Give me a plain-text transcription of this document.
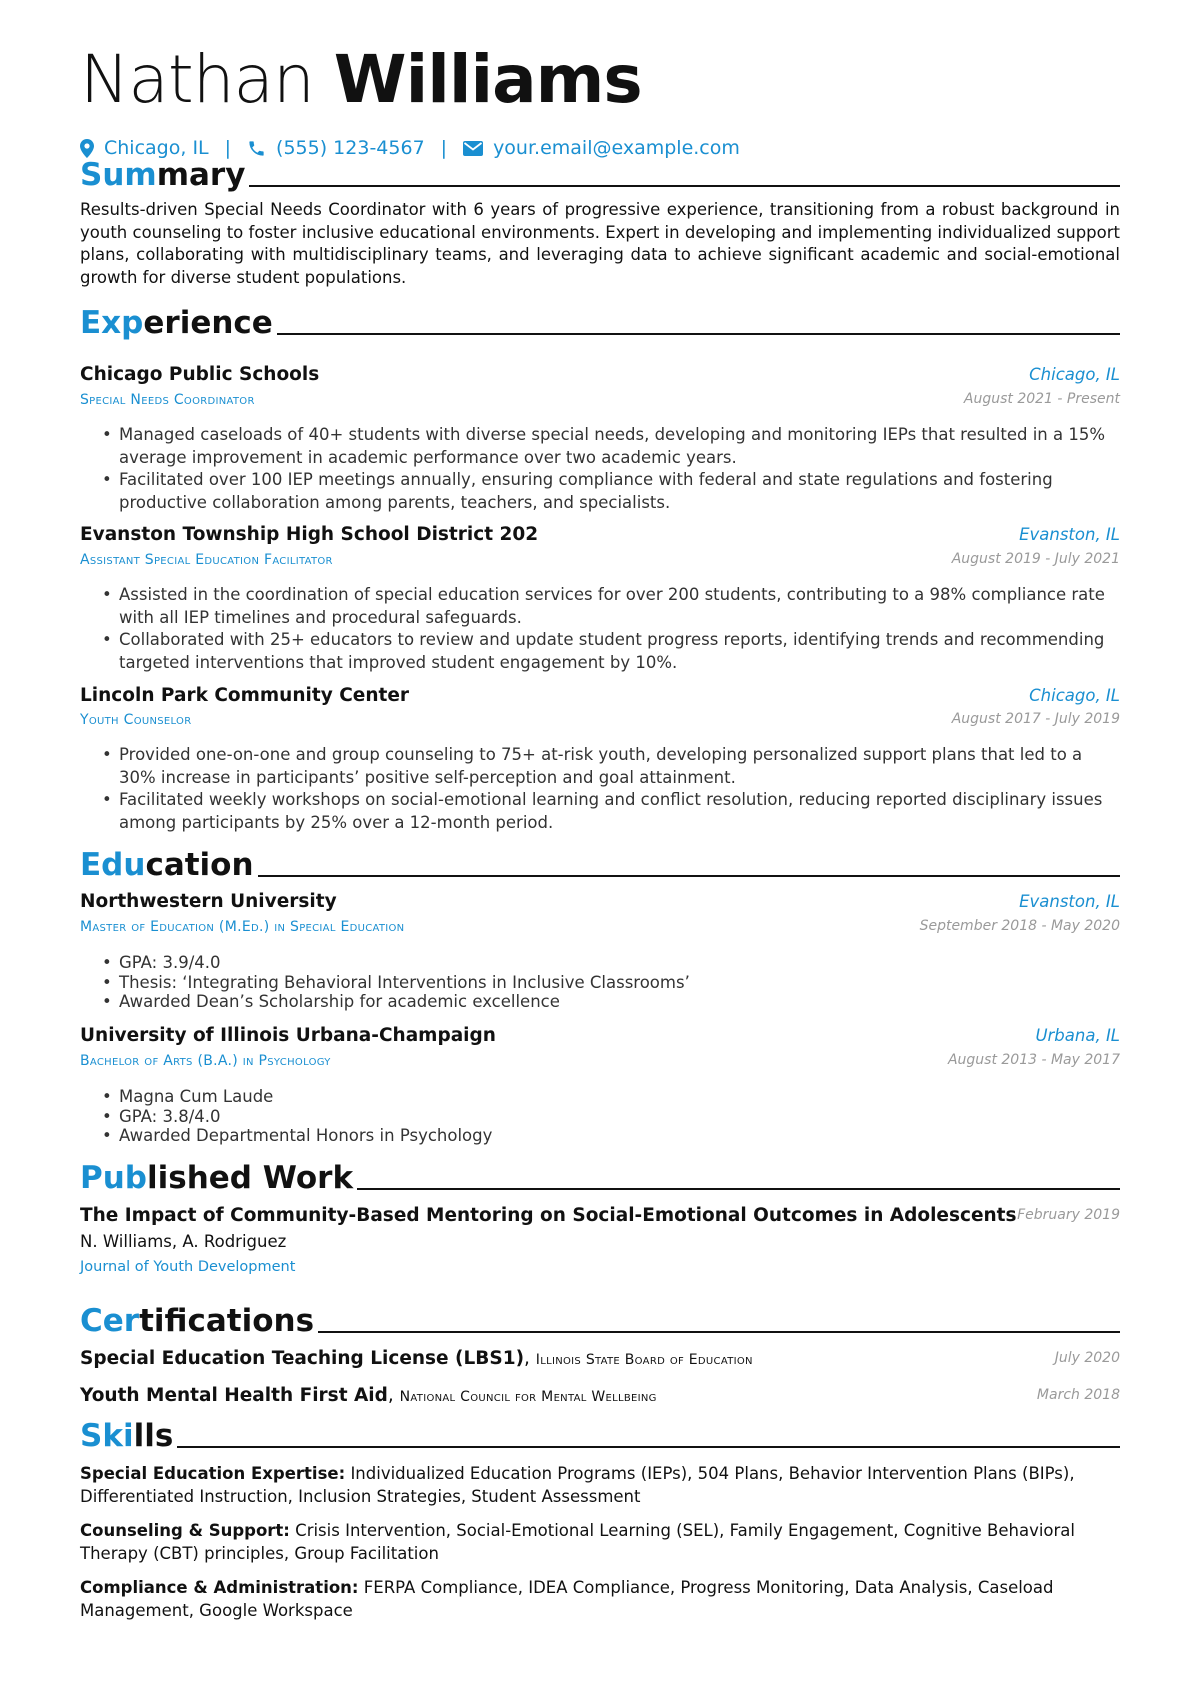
Nathan Williams
Chicago, IL | (555) 123-4567 | your.email@example.com
Summary
Results-driven Special Needs Coordinator with 6 years of progressive experience, transitioning from a robust background in youth counseling to foster inclusive educational environments. Expert in developing and implementing individualized support plans, collaborating with multidisciplinary teams, and leveraging data to achieve significant academic and social-emotional growth for diverse student populations.
Experience
Chicago Public Schools	Chicago, IL
Special Needs Coordinator	August 2021 - Present
• Managed caseloads of 40+ students with diverse special needs, developing and monitoring IEPs that resulted in a 15% average improvement in academic performance over two academic years.
• Facilitated over 100 IEP meetings annually, ensuring compliance with federal and state regulations and fostering productive collaboration among parents, teachers, and specialists.
Evanston Township High School District 202	Evanston, IL
Assistant Special Education Facilitator	August 2019 - July 2021
• Assisted in the coordination of special education services for over 200 students, contributing to a 98% compliance rate with all IEP timelines and procedural safeguards.
• Collaborated with 25+ educators to review and update student progress reports, identifying trends and recommending targeted interventions that improved student engagement by 10%.
Lincoln Park Community Center	Chicago, IL
Youth Counselor	August 2017 - July 2019
• Provided one-on-one and group counseling to 75+ at-risk youth, developing personalized support plans that led to a 30% increase in participants’ positive self-perception and goal attainment.
• Facilitated weekly workshops on social-emotional learning and conflict resolution, reducing reported disciplinary issues among participants by 25% over a 12-month period.
Education
Northwestern University	Evanston, IL
Master of Education (M.Ed.) in Special Education	September 2018 - May 2020
• GPA: 3.9/4.0
• Thesis: ‘Integrating Behavioral Interventions in Inclusive Classrooms’
• Awarded Dean’s Scholarship for academic excellence
University of Illinois Urbana-Champaign	Urbana, IL
Bachelor of Arts (B.A.) in Psychology	August 2013 - May 2017
• Magna Cum Laude
• GPA: 3.8/4.0
• Awarded Departmental Honors in Psychology
Published Work
The Impact of Community-Based Mentoring on Social-Emotional Outcomes in Adolescents February 2019
N. Williams, A. Rodriguez
Journal of Youth Development
Certifications
Special Education Teaching License (LBS1), Illinois State Board of Education	July 2020
Youth Mental Health First Aid, National Council for Mental Wellbeing	March 2018
Skills
Special Education Expertise: Individualized Education Programs (IEPs), 504 Plans, Behavior Intervention Plans (BIPs), Differentiated Instruction, Inclusion Strategies, Student Assessment
Counseling & Support: Crisis Intervention, Social-Emotional Learning (SEL), Family Engagement, Cognitive Behavioral Therapy (CBT) principles, Group Facilitation
Compliance & Administration: FERPA Compliance, IDEA Compliance, Progress Monitoring, Data Analysis, Caseload Management, Google Workspace
